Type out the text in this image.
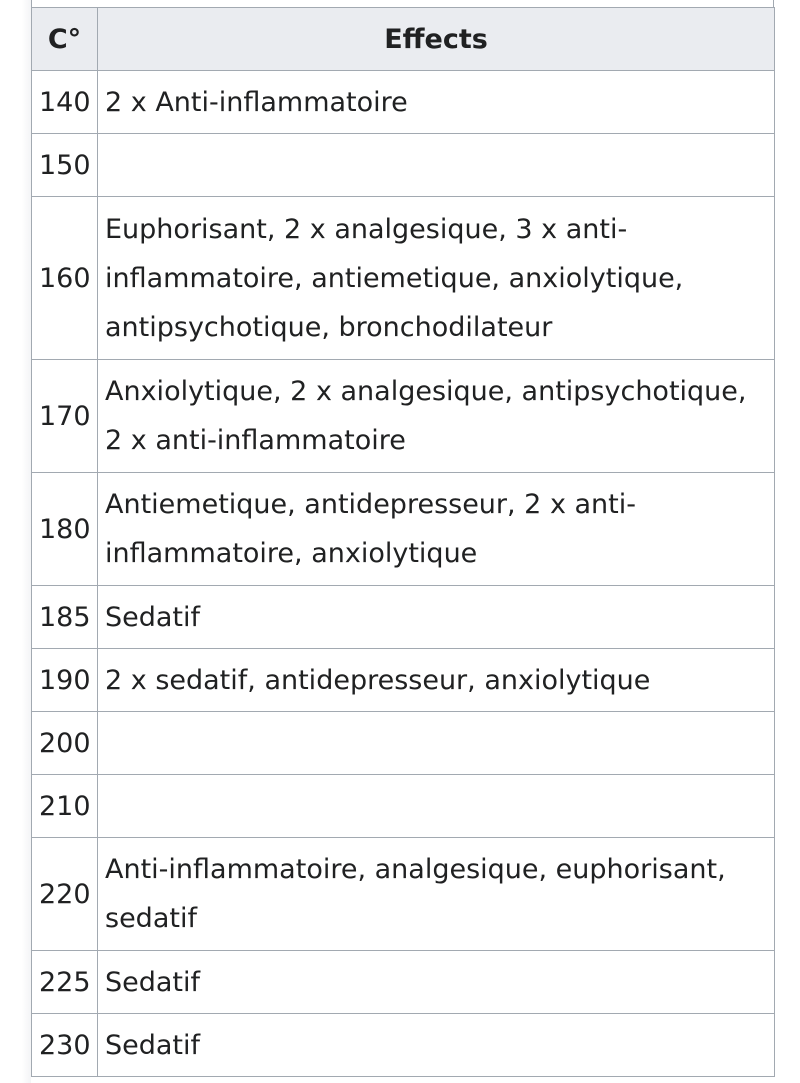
C°	Effects
140	2 x Anti-inflammatoire
150	
160	Euphorisant, 2 x analgesique, 3 x anti-inflammatoire, antiemetique, anxiolytique, antipsychotique, bronchodilateur
170	Anxiolytique, 2 x analgesique, antipsychotique, 2 x anti-inflammatoire
180	Antiemetique, antidepresseur, 2 x anti-inflammatoire, anxiolytique
185	Sedatif
190	2 x sedatif, antidepresseur, anxiolytique
200	
210	
220	Anti-inflammatoire, analgesique, euphorisant, sedatif
225	Sedatif
230	Sedatif
